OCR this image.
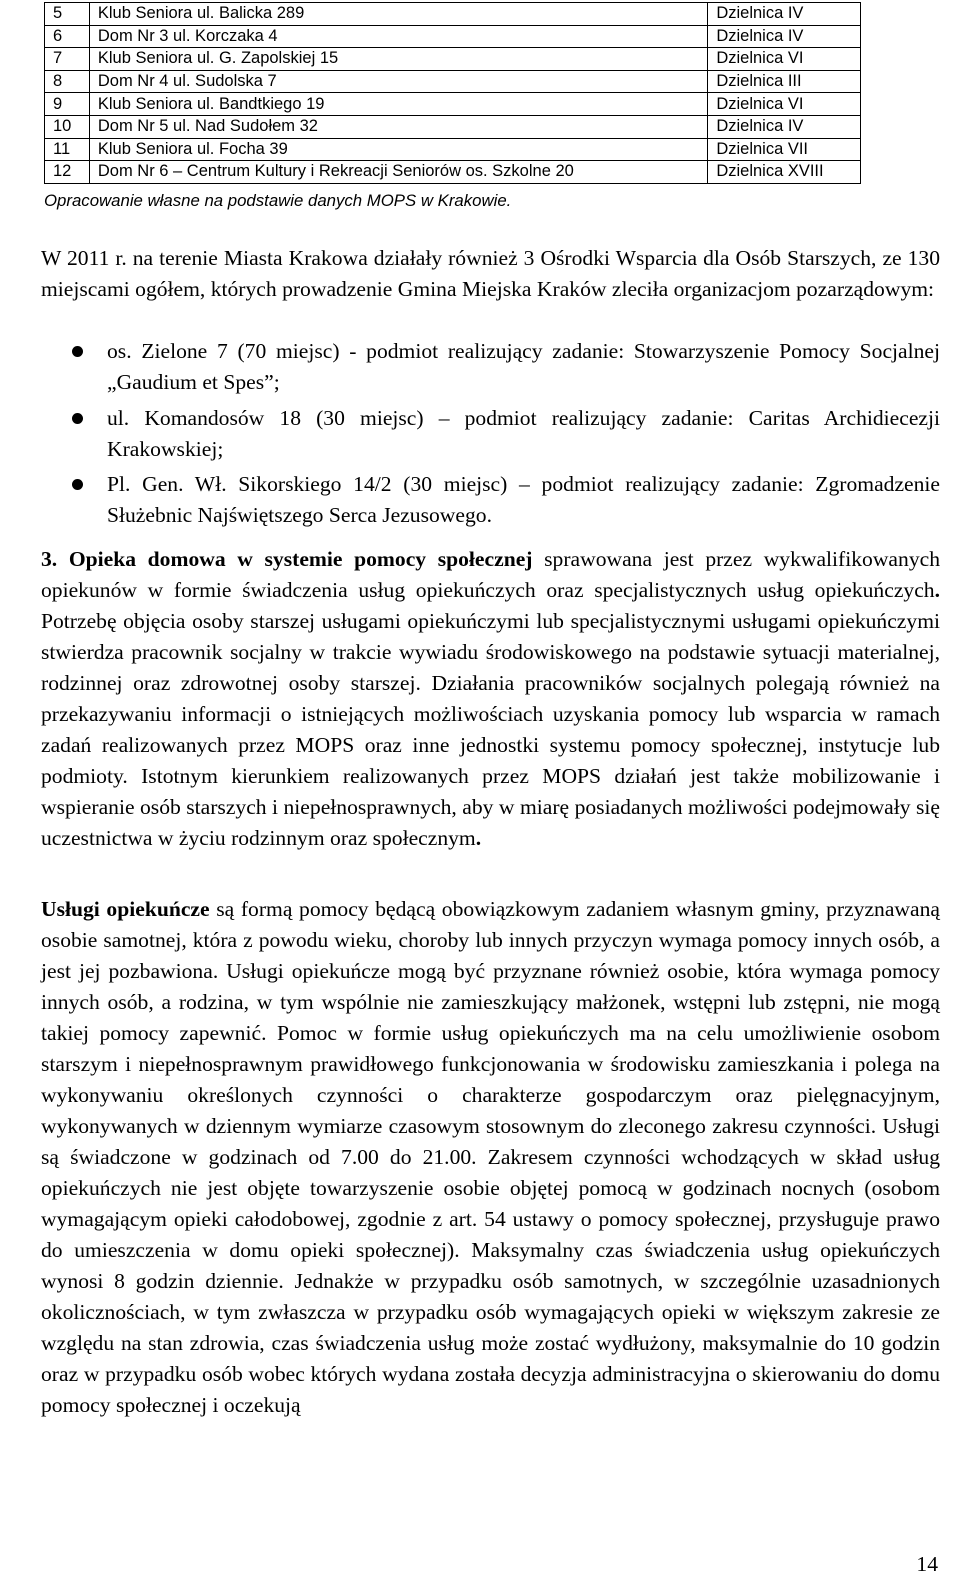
5	Klub Seniora ul. Balicka 289	Dzielnica IV
6	Dom Nr 3 ul. Korczaka 4	Dzielnica IV
7	Klub Seniora ul. G. Zapolskiej 15	Dzielnica VI
8	Dom Nr 4 ul. Sudolska 7	Dzielnica III
9	Klub Seniora ul. Bandtkiego 19	Dzielnica VI
10	Dom Nr 5 ul. Nad Sudołem 32	Dzielnica IV
11	Klub Seniora ul. Focha 39	Dzielnica VII
12	Dom Nr 6 – Centrum Kultury i Rekreacji Seniorów os. Szkolne 20	Dzielnica XVIII
Opracowanie własne na podstawie danych MOPS w Krakowie.

W 2011 r. na terenie Miasta Krakowa działały również 3 Ośrodki Wsparcia dla Osób Starszych, ze 130 miejscami ogółem, których prowadzenie Gmina Miejska Kraków zleciła organizacjom pozarządowym:

os. Zielone 7 (70 miejsc) - podmiot realizujący zadanie: Stowarzyszenie Pomocy Socjalnej „Gaudium et Spes”;
ul. Komandosów 18 (30 miejsc) – podmiot realizujący zadanie: Caritas Archidiecezji Krakowskiej;
Pl. Gen. Wł. Sikorskiego 14/2 (30 miejsc) – podmiot realizujący zadanie: Zgromadzenie Służebnic Najświętszego Serca Jezusowego.

3. Opieka domowa w systemie pomocy społecznej sprawowana jest przez wykwalifikowanych opiekunów w formie świadczenia usług opiekuńczych oraz specjalistycznych usług opiekuńczych. Potrzebę objęcia osoby starszej usługami opiekuńczymi lub specjalistycznymi usługami opiekuńczymi stwierdza pracownik socjalny w trakcie wywiadu środowiskowego na podstawie sytuacji materialnej, rodzinnej oraz zdrowotnej osoby starszej. Działania pracowników socjalnych polegają również na przekazywaniu informacji o istniejących możliwościach uzyskania pomocy lub wsparcia w ramach zadań realizowanych przez MOPS oraz inne jednostki systemu pomocy społecznej, instytucje lub podmioty. Istotnym kierunkiem realizowanych przez MOPS działań jest także mobilizowanie i wspieranie osób starszych i niepełnosprawnych, aby w miarę posiadanych możliwości podejmowały się uczestnictwa w życiu rodzinnym oraz społecznym.

Usługi opiekuńcze są formą pomocy będącą obowiązkowym zadaniem własnym gminy, przyznawaną osobie samotnej, która z powodu wieku, choroby lub innych przyczyn wymaga pomocy innych osób, a jest jej pozbawiona. Usługi opiekuńcze mogą być przyznane również osobie, która wymaga pomocy innych osób, a rodzina, w tym wspólnie nie zamieszkujący małżonek, wstępni lub zstępni, nie mogą takiej pomocy zapewnić. Pomoc w formie usług opiekuńczych ma na celu umożliwienie osobom starszym i niepełnosprawnym prawidłowego funkcjonowania w środowisku zamieszkania i polega na wykonywaniu określonych czynności o charakterze gospodarczym oraz pielęgnacyjnym, wykonywanych w dziennym wymiarze czasowym stosownym do zleconego zakresu czynności. Usługi są świadczone w godzinach od 7.00 do 21.00. Zakresem czynności wchodzących w skład usług opiekuńczych nie jest objęte towarzyszenie osobie objętej pomocą w godzinach nocnych (osobom wymagającym opieki całodobowej, zgodnie z art. 54 ustawy o pomocy społecznej, przysługuje prawo do umieszczenia w domu opieki społecznej). Maksymalny czas świadczenia usług opiekuńczych wynosi 8 godzin dziennie. Jednakże w przypadku osób samotnych, w szczególnie uzasadnionych okolicznościach, w tym zwłaszcza w przypadku osób wymagających opieki w większym zakresie ze względu na stan zdrowia, czas świadczenia usług może zostać wydłużony, maksymalnie do 10 godzin oraz w przypadku osób wobec których wydana została decyzja administracyjna o skierowaniu do domu pomocy społecznej i oczekują

14
